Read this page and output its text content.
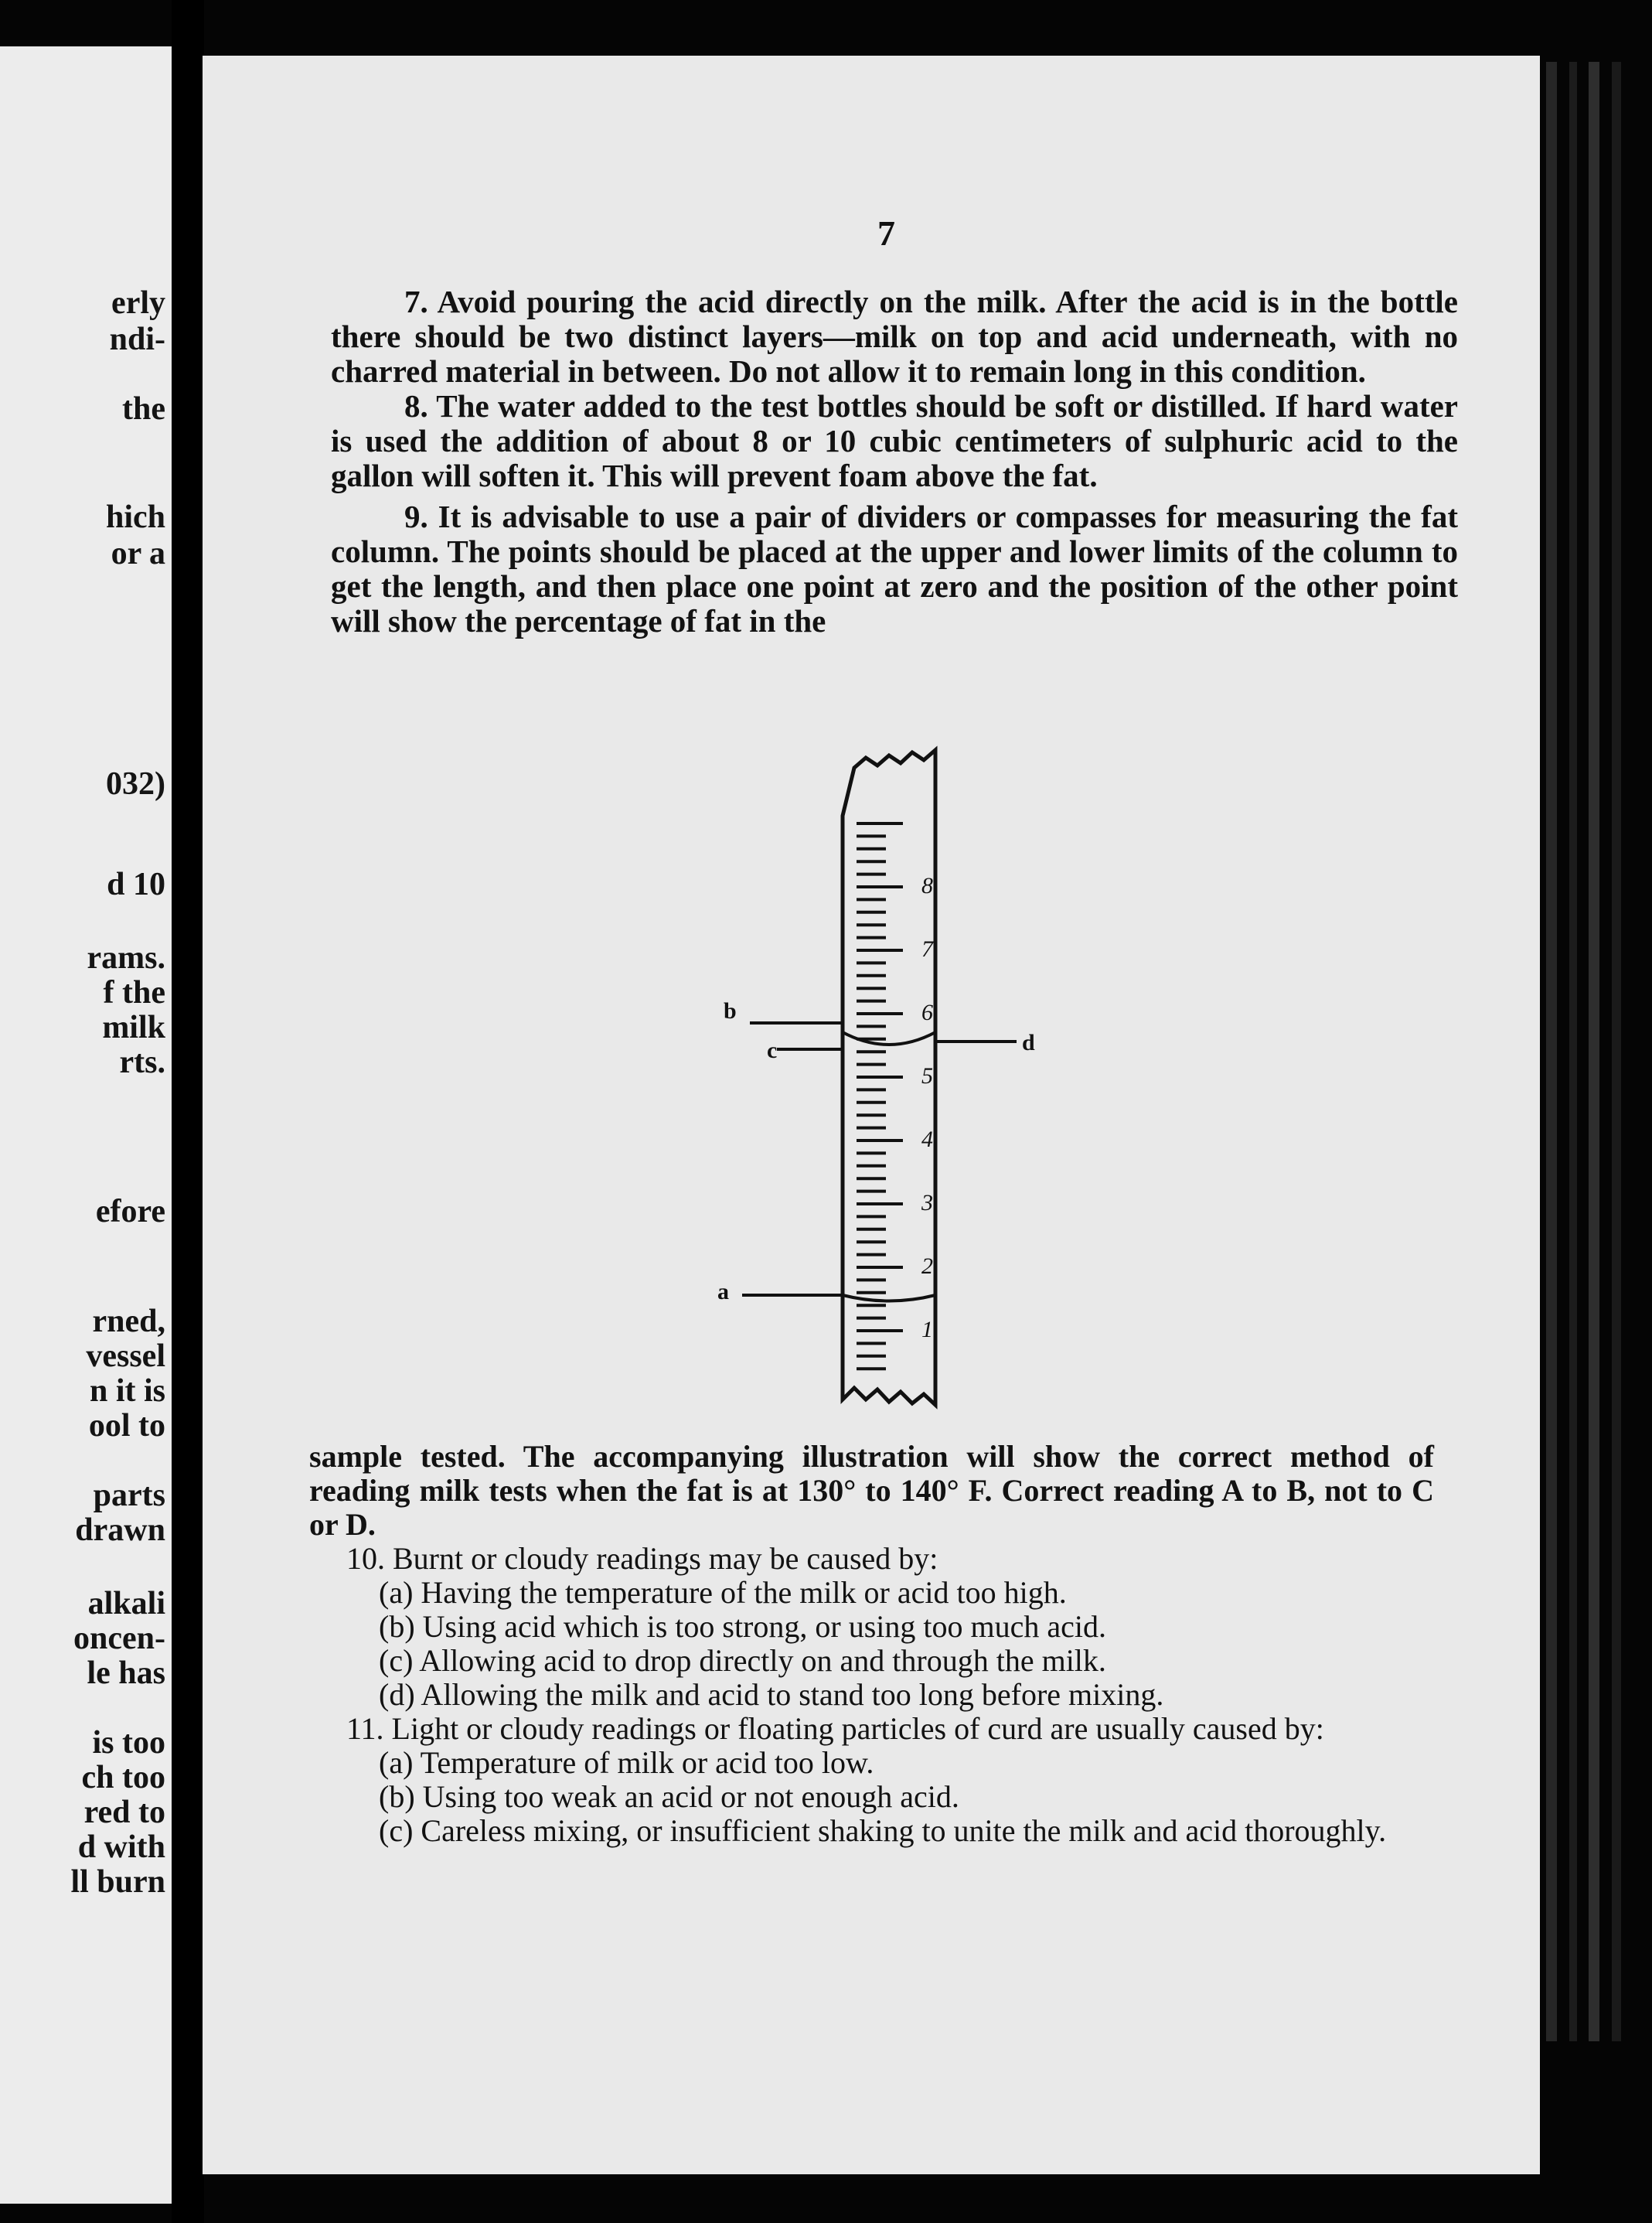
erly
ndi-
the
hich
or a
032)
d 10
rams.
f the
milk
rts.
efore
rned,
vessel
n it is
ool to
parts
drawn
alkali
oncen-
le has
is too
ch too
red to
d with
ll burn
7

7. Avoid pouring the acid directly on the milk. After the acid is in the bottle there should be two distinct layers—milk on top and acid underneath, with no charred material in between. Do not allow it to remain long in this condition.

8. The water added to the test bottles should be soft or distilled. If hard water is used the addition of about 8 or 10 cubic centimeters of sulphuric acid to the gallon will soften it. This will prevent foam above the fat.

9. It is advisable to use a pair of dividers or compasses for measuring the fat column. The points should be placed at the upper and lower limits of the column to get the length, and then place one point at zero and the position of the other point will show the percentage of fat in the

8
7
6
5
4
3
2
1
b
c	d
a

sample tested. The accompanying illustration will show the correct method of reading milk tests when the fat is at 130° to 140° F. Correct reading A to B, not to C or D.

10. Burnt or cloudy readings may be caused by:

(a) Having the temperature of the milk or acid too high.

(b) Using acid which is too strong, or using too much acid.

(c) Allowing acid to drop directly on and through the milk.

(d) Allowing the milk and acid to stand too long before mixing.

11. Light or cloudy readings or floating particles of curd are usually caused by:

(a) Temperature of milk or acid too low.

(b) Using too weak an acid or not enough acid.

(c) Careless mixing, or insufficient shaking to unite the milk and acid thoroughly.
